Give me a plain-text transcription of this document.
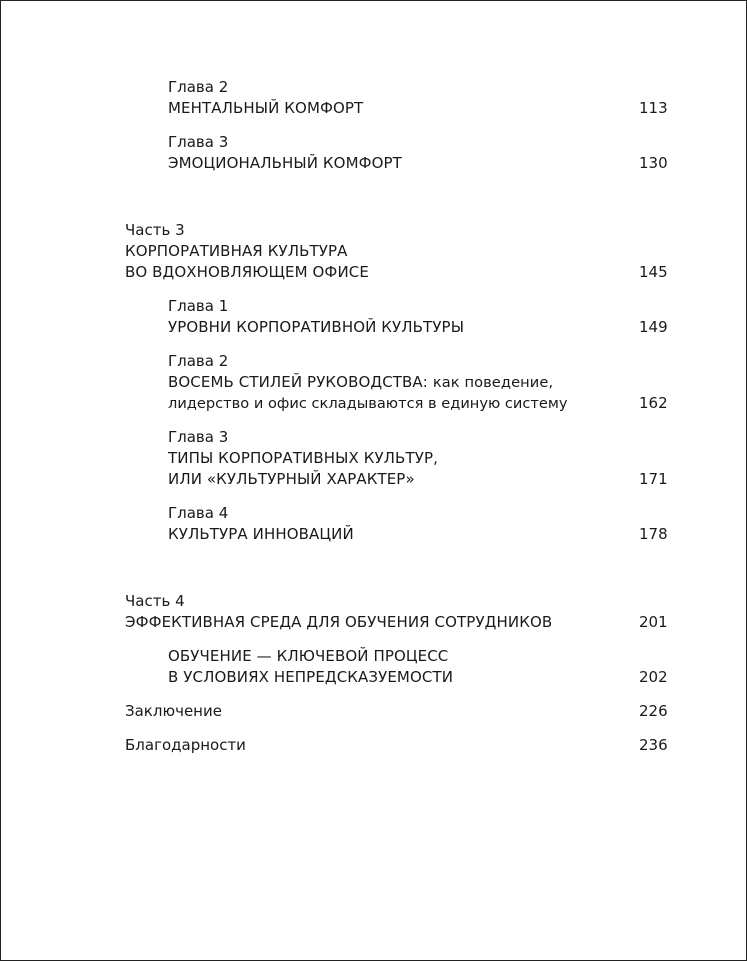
Глава 2

МЕНТАЛЬНЫЙ КОМФОРТ	113

Глава 3

ЭМОЦИОНАЛЬНЫЙ КОМФОРТ	130

Часть 3

КОРПОРАТИВНАЯ КУЛЬТУРА

ВО ВДОХНОВЛЯЮЩЕМ ОФИСЕ	145

Глава 1

УРОВНИ КОРПОРАТИВНОЙ КУЛЬТУРЫ	149

Глава 2

ВОСЕМЬ СТИЛЕЙ РУКОВОДСТВА: как поведение,

лидерство и офис складываются в единую систему	162

Глава 3

ТИПЫ КОРПОРАТИВНЫХ КУЛЬТУР,

ИЛИ «КУЛЬТУРНЫЙ ХАРАКТЕР»	171

Глава 4

КУЛЬТУРА ИННОВАЦИЙ	178

Часть 4

ЭФФЕКТИВНАЯ СРЕДА ДЛЯ ОБУЧЕНИЯ СОТРУДНИКОВ	201

ОБУЧЕНИЕ — КЛЮЧЕВОЙ ПРОЦЕСС

В УСЛОВИЯХ НЕПРЕДСКАЗУЕМОСТИ	202

Заключение	226

Благодарности	236
